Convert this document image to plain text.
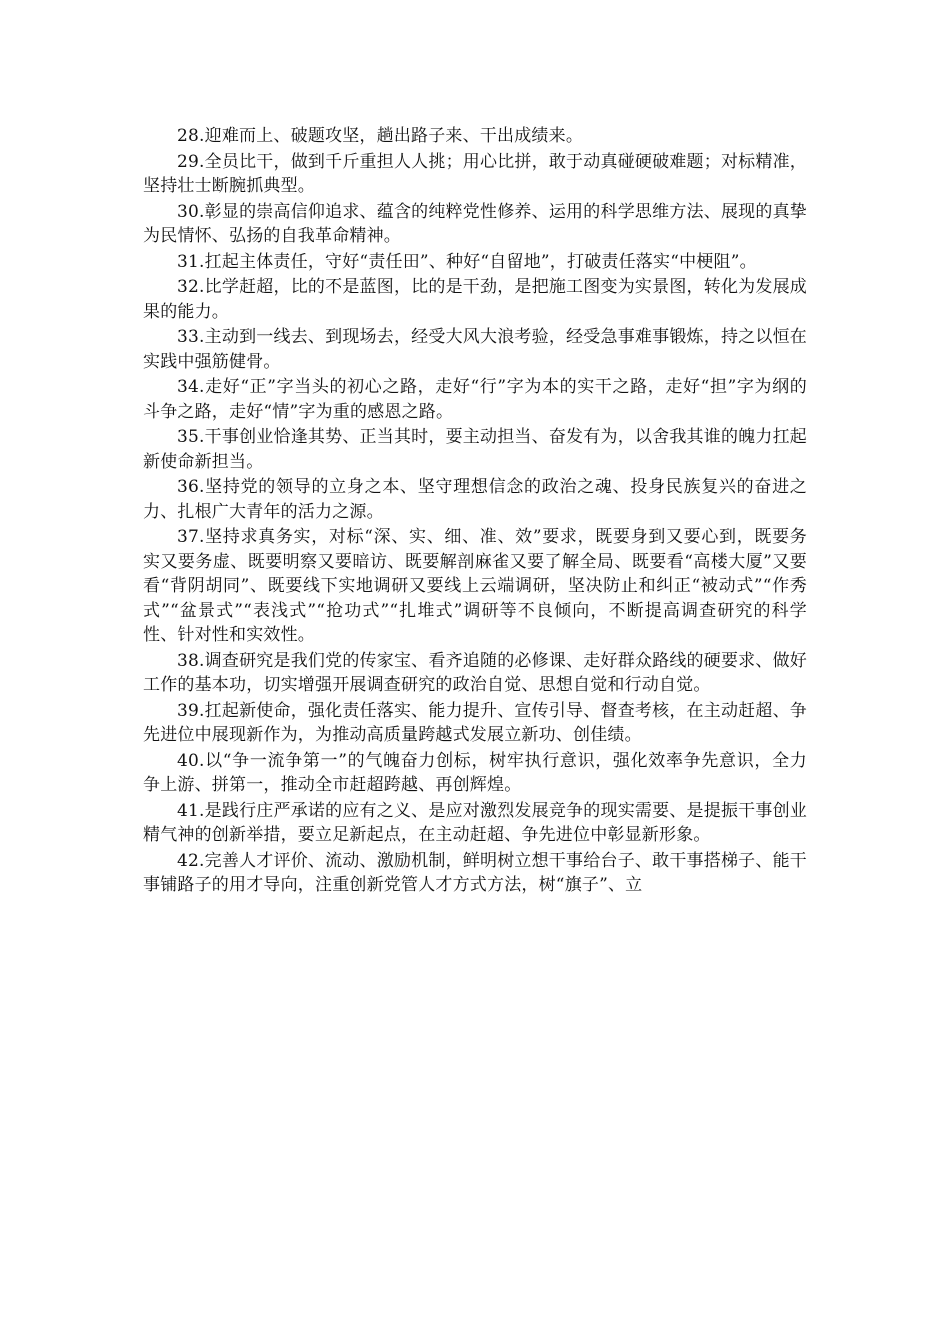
28.迎难而上、破题攻坚，趟出路子来、干出成绩来。

29.全员比干，做到千斤重担人人挑；用心比拼，敢于动真碰硬破难题；对标精准，坚持壮士断腕抓典型。

30.彰显的崇高信仰追求、蕴含的纯粹党性修养、运用的科学思维方法、展现的真挚为民情怀、弘扬的自我革命精神。

31.扛起主体责任，守好“责任田”、种好“自留地”，打破责任落实“中梗阻”。

32.比学赶超，比的不是蓝图，比的是干劲，是把施工图变为实景图，转化为发展成果的能力。

33.主动到一线去、到现场去，经受大风大浪考验，经受急事难事锻炼，持之以恒在实践中强筋健骨。

34.走好“正”字当头的初心之路，走好“行”字为本的实干之路，走好“担”字为纲的斗争之路，走好“情”字为重的感恩之路。

35.干事创业恰逢其势、正当其时，要主动担当、奋发有为，以舍我其谁的魄力扛起新使命新担当。

36.坚持党的领导的立身之本、坚守理想信念的政治之魂、投身民族复兴的奋进之力、扎根广大青年的活力之源。

37.坚持求真务实，对标“深、实、细、准、效”要求，既要身到又要心到，既要务实又要务虚、既要明察又要暗访、既要解剖麻雀又要了解全局、既要看“高楼大厦”又要看“背阴胡同”、既要线下实地调研又要线上云端调研，坚决防止和纠正“被动式”“作秀式”“盆景式”“表浅式”“抢功式”“扎堆式”调研等不良倾向，不断提高调查研究的科学性、针对性和实效性。

38.调查研究是我们党的传家宝、看齐追随的必修课、走好群众路线的硬要求、做好工作的基本功，切实增强开展调查研究的政治自觉、思想自觉和行动自觉。

39.扛起新使命，强化责任落实、能力提升、宣传引导、督查考核，在主动赶超、争先进位中展现新作为，为推动高质量跨越式发展立新功、创佳绩。

40.以“争一流争第一”的气魄奋力创标，树牢执行意识，强化效率争先意识，全力争上游、拼第一，推动全市赶超跨越、再创辉煌。

41.是践行庄严承诺的应有之义、是应对激烈发展竞争的现实需要、是提振干事创业精气神的创新举措，要立足新起点，在主动赶超、争先进位中彰显新形象。

42.完善人才评价、流动、激励机制，鲜明树立想干事给台子、敢干事搭梯子、能干事铺路子的用才导向，注重创新党管人才方式方法，树“旗子”、立
